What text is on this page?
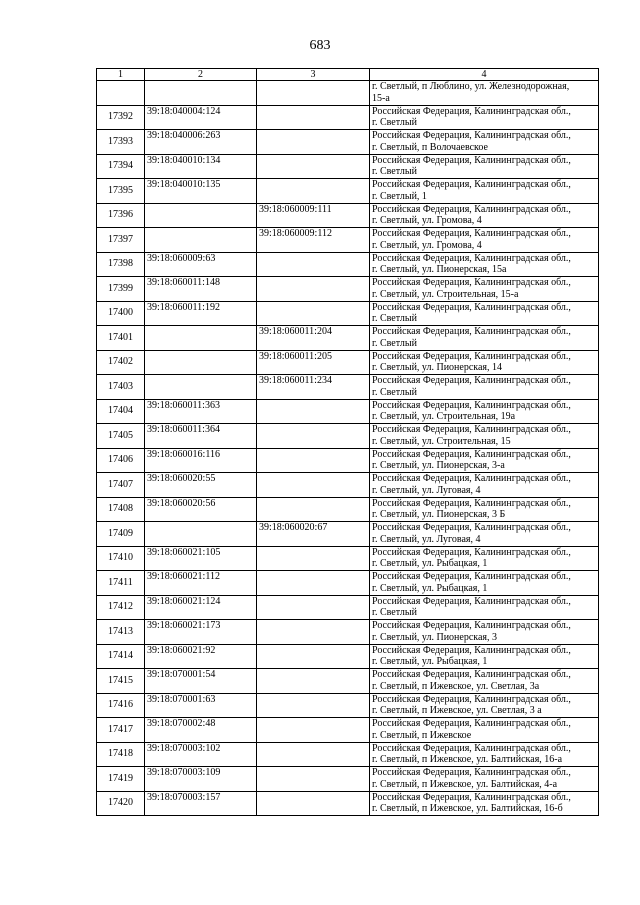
683
1	2	3	4

			г. Светлый, п Люблино, ул. Железнодорожная,
15-а

17392	39:18:040004:124		Российская Федерация, Калининградская обл.,
г. Светлый

17393	39:18:040006:263		Российская Федерация, Калининградская обл.,
г. Светлый, п Волочаевское

17394	39:18:040010:134		Российская Федерация, Калининградская обл.,
г. Светлый

17395	39:18:040010:135		Российская Федерация, Калининградская обл.,
г. Светлый, 1

17396		39:18:060009:111	Российская Федерация, Калининградская обл.,
г. Светлый, ул. Громова, 4

17397		39:18:060009:112	Российская Федерация, Калининградская обл.,
г. Светлый, ул. Громова, 4

17398	39:18:060009:63		Российская Федерация, Калининградская обл.,
г. Светлый, ул. Пионерская, 15а

17399	39:18:060011:148		Российская Федерация, Калининградская обл.,
г. Светлый, ул. Строительная, 15-а

17400	39:18:060011:192		Российская Федерация, Калининградская обл.,
г. Светлый

17401		39:18:060011:204	Российская Федерация, Калининградская обл.,
г. Светлый

17402		39:18:060011:205	Российская Федерация, Калининградская обл.,
г. Светлый, ул. Пионерская, 14

17403		39:18:060011:234	Российская Федерация, Калининградская обл.,
г. Светлый

17404	39:18:060011:363		Российская Федерация, Калининградская обл.,
г. Светлый, ул. Строительная, 19а

17405	39:18:060011:364		Российская Федерация, Калининградская обл.,
г. Светлый, ул. Строительная, 15

17406	39:18:060016:116		Российская Федерация, Калининградская обл.,
г. Светлый, ул. Пионерская, 3-а

17407	39:18:060020:55		Российская Федерация, Калининградская обл.,
г. Светлый, ул. Луговая, 4

17408	39:18:060020:56		Российская Федерация, Калининградская обл.,
г. Светлый, ул. Пионерская, 3 Б

17409		39:18:060020:67	Российская Федерация, Калининградская обл.,
г. Светлый, ул. Луговая, 4

17410	39:18:060021:105		Российская Федерация, Калининградская обл.,
г. Светлый, ул. Рыбацкая, 1

17411	39:18:060021:112		Российская Федерация, Калининградская обл.,
г. Светлый, ул. Рыбацкая, 1

17412	39:18:060021:124		Российская Федерация, Калининградская обл.,
г. Светлый

17413	39:18:060021:173		Российская Федерация, Калининградская обл.,
г. Светлый, ул. Пионерская, 3

17414	39:18:060021:92		Российская Федерация, Калининградская обл.,
г. Светлый, ул. Рыбацкая, 1

17415	39:18:070001:54		Российская Федерация, Калининградская обл.,
г. Светлый, п Ижевское, ул. Светлая, 3а

17416	39:18:070001:63		Российская Федерация, Калининградская обл.,
г. Светлый, п Ижевское, ул. Светлая, 3 а

17417	39:18:070002:48		Российская Федерация, Калининградская обл.,
г. Светлый, п Ижевское

17418	39:18:070003:102		Российская Федерация, Калининградская обл.,
г. Светлый, п Ижевское, ул. Балтийская, 16-а

17419	39:18:070003:109		Российская Федерация, Калининградская обл.,
г. Светлый, п Ижевское, ул. Балтийская, 4-а

17420	39:18:070003:157		Российская Федерация, Калининградская обл.,
г. Светлый, п Ижевское, ул. Балтийская, 16-б
